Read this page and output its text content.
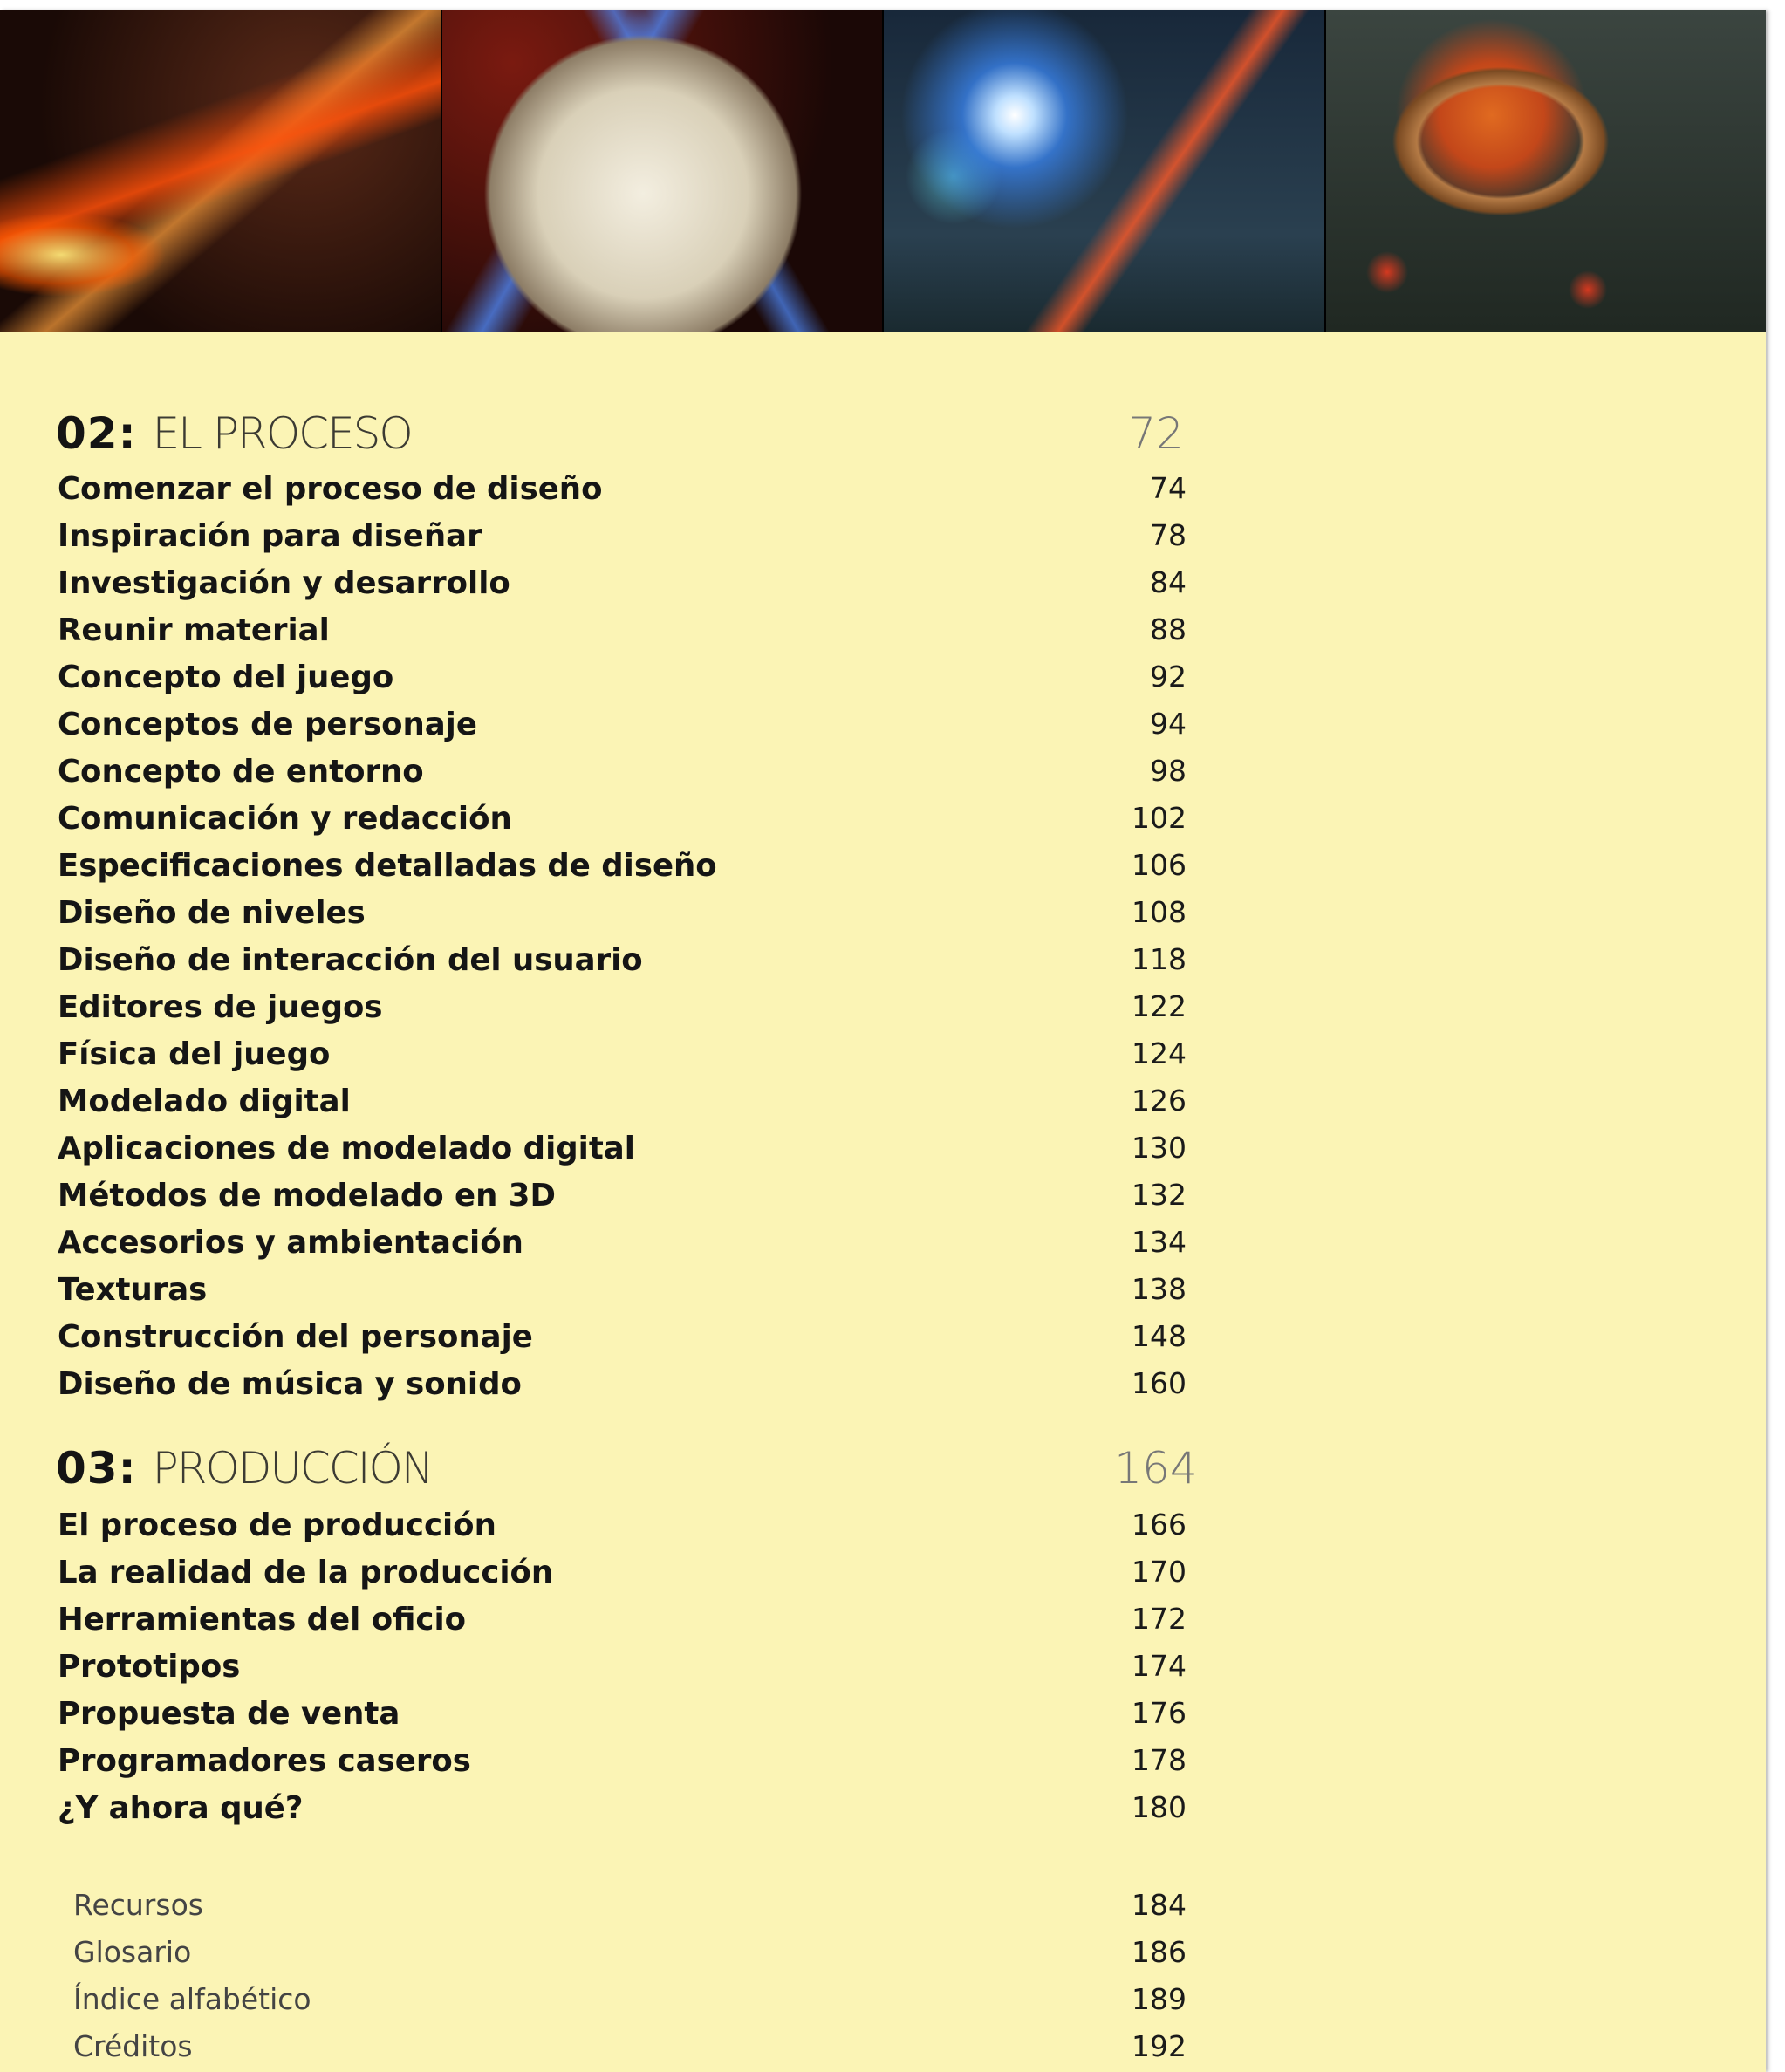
02: EL PROCESO	72
Comenzar el proceso de diseño	74
Inspiración para diseñar	78
Investigación y desarrollo	84
Reunir material	88
Concepto del juego	92
Conceptos de personaje	94
Concepto de entorno	98
Comunicación y redacción	102
Especificaciones detalladas de diseño	106
Diseño de niveles	108
Diseño de interacción del usuario	118
Editores de juegos	122
Física del juego	124
Modelado digital	126
Aplicaciones de modelado digital	130
Métodos de modelado en 3D	132
Accesorios y ambientación	134
Texturas	138
Construcción del personaje	148
Diseño de música y sonido	160
03: PRODUCCIÓN	164
El proceso de producción	166
La realidad de la producción	170
Herramientas del oficio	172
Prototipos	174
Propuesta de venta	176
Programadores caseros	178
¿Y ahora qué?	180
Recursos	184
Glosario	186
Índice alfabético	189
Créditos	192
